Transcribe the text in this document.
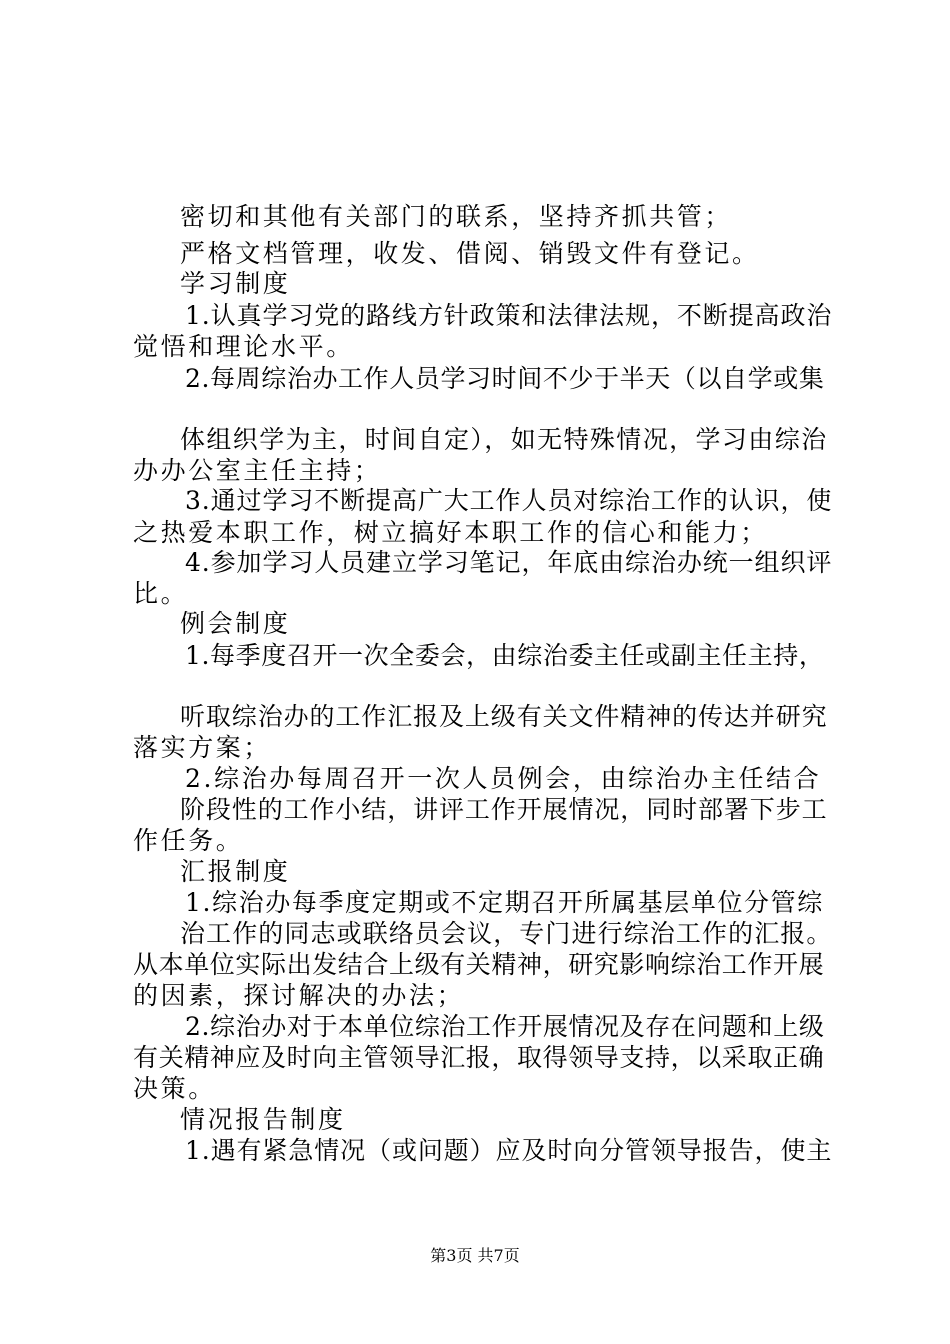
密切和其他有关部门的联系，坚持齐抓共管；
严格文档管理，收发、借阅、销毁文件有登记。
学习制度
1.认真学习党的路线方针政策和法律法规，不断提高政治
觉悟和理论水平。
2.每周综治办工作人员学习时间不少于半天（以自学或集
体组织学为主，时间自定），如无特殊情况，学习由综治
办办公室主任主持；
3.通过学习不断提高广大工作人员对综治工作的认识，使
之热爱本职工作，树立搞好本职工作的信心和能力；
4.参加学习人员建立学习笔记，年底由综治办统一组织评
比。
例会制度
1.每季度召开一次全委会，由综治委主任或副主任主持，
听取综治办的工作汇报及上级有关文件精神的传达并研究
落实方案；
2.综治办每周召开一次人员例会，由综治办主任结合
阶段性的工作小结，讲评工作开展情况，同时部署下步工
作任务。
汇报制度
1.综治办每季度定期或不定期召开所属基层单位分管综
治工作的同志或联络员会议，专门进行综治工作的汇报。
从本单位实际出发结合上级有关精神，研究影响综治工作开展
的因素，探讨解决的办法；
2.综治办对于本单位综治工作开展情况及存在问题和上级
有关精神应及时向主管领导汇报，取得领导支持，以采取正确
决策。
情况报告制度
1.遇有紧急情况（或问题）应及时向分管领导报告，使主
第3页 共7页
